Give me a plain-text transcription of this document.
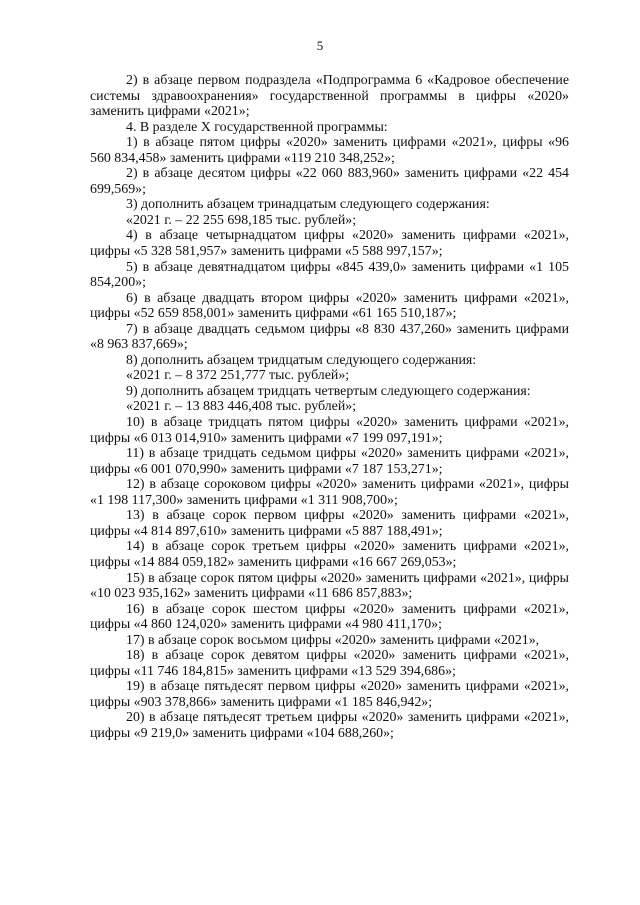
5

2) в абзаце первом подраздела «Подпрограмма 6 «Кадровое обеспечение системы здравоохранения» государственной программы в цифры «2020» заменить цифрами «2021»;

4. В разделе X государственной программы:

1) в абзаце пятом цифры «2020» заменить цифрами «2021», цифры «96 560 834,458» заменить цифрами «119 210 348,252»;

2) в абзаце десятом цифры «22 060 883,960» заменить цифрами «22 454 699,569»;

3) дополнить абзацем тринадцатым следующего содержания:

«2021 г. – 22 255 698,185 тыс. рублей»;

4) в абзаце четырнадцатом цифры «2020» заменить цифрами «2021», цифры «5 328 581,957» заменить цифрами «5 588 997,157»;

5) в абзаце девятнадцатом цифры «845 439,0» заменить цифрами «1 105 854,200»;

6) в абзаце двадцать втором цифры «2020» заменить цифрами «2021», цифры «52 659 858,001» заменить цифрами «61 165 510,187»;

7) в абзаце двадцать седьмом цифры «8 830 437,260» заменить цифрами «8 963 837,669»;

8) дополнить абзацем тридцатым следующего содержания:

«2021 г. – 8 372 251,777 тыс. рублей»;

9) дополнить абзацем тридцать четвертым следующего содержания:

«2021 г. – 13 883 446,408 тыс. рублей»;

10) в абзаце тридцать пятом цифры «2020» заменить цифрами «2021», цифры «6 013 014,910» заменить цифрами «7 199 097,191»;

11) в абзаце тридцать седьмом цифры «2020» заменить цифрами «2021», цифры «6 001 070,990» заменить цифрами «7 187 153,271»;

12) в абзаце сороковом цифры «2020» заменить цифрами «2021», цифры «1 198 117,300» заменить цифрами «1 311 908,700»;

13) в абзаце сорок первом цифры «2020» заменить цифрами «2021», цифры «4 814 897,610» заменить цифрами «5 887 188,491»;

14) в абзаце сорок третьем цифры «2020» заменить цифрами «2021», цифры «14 884 059,182» заменить цифрами «16 667 269,053»;

15) в абзаце сорок пятом цифры «2020» заменить цифрами «2021», цифры «10 023 935,162» заменить цифрами «11 686 857,883»;

16) в абзаце сорок шестом цифры «2020» заменить цифрами «2021», цифры «4 860 124,020» заменить цифрами «4 980 411,170»;

17) в абзаце сорок восьмом цифры «2020» заменить цифрами «2021»,

18) в абзаце сорок девятом цифры «2020» заменить цифрами «2021», цифры «11 746 184,815» заменить цифрами «13 529 394,686»;

19) в абзаце пятьдесят первом цифры «2020» заменить цифрами «2021», цифры «903 378,866» заменить цифрами «1 185 846,942»;

20) в абзаце пятьдесят третьем цифры «2020» заменить цифрами «2021», цифры «9 219,0» заменить цифрами «104 688,260»;
